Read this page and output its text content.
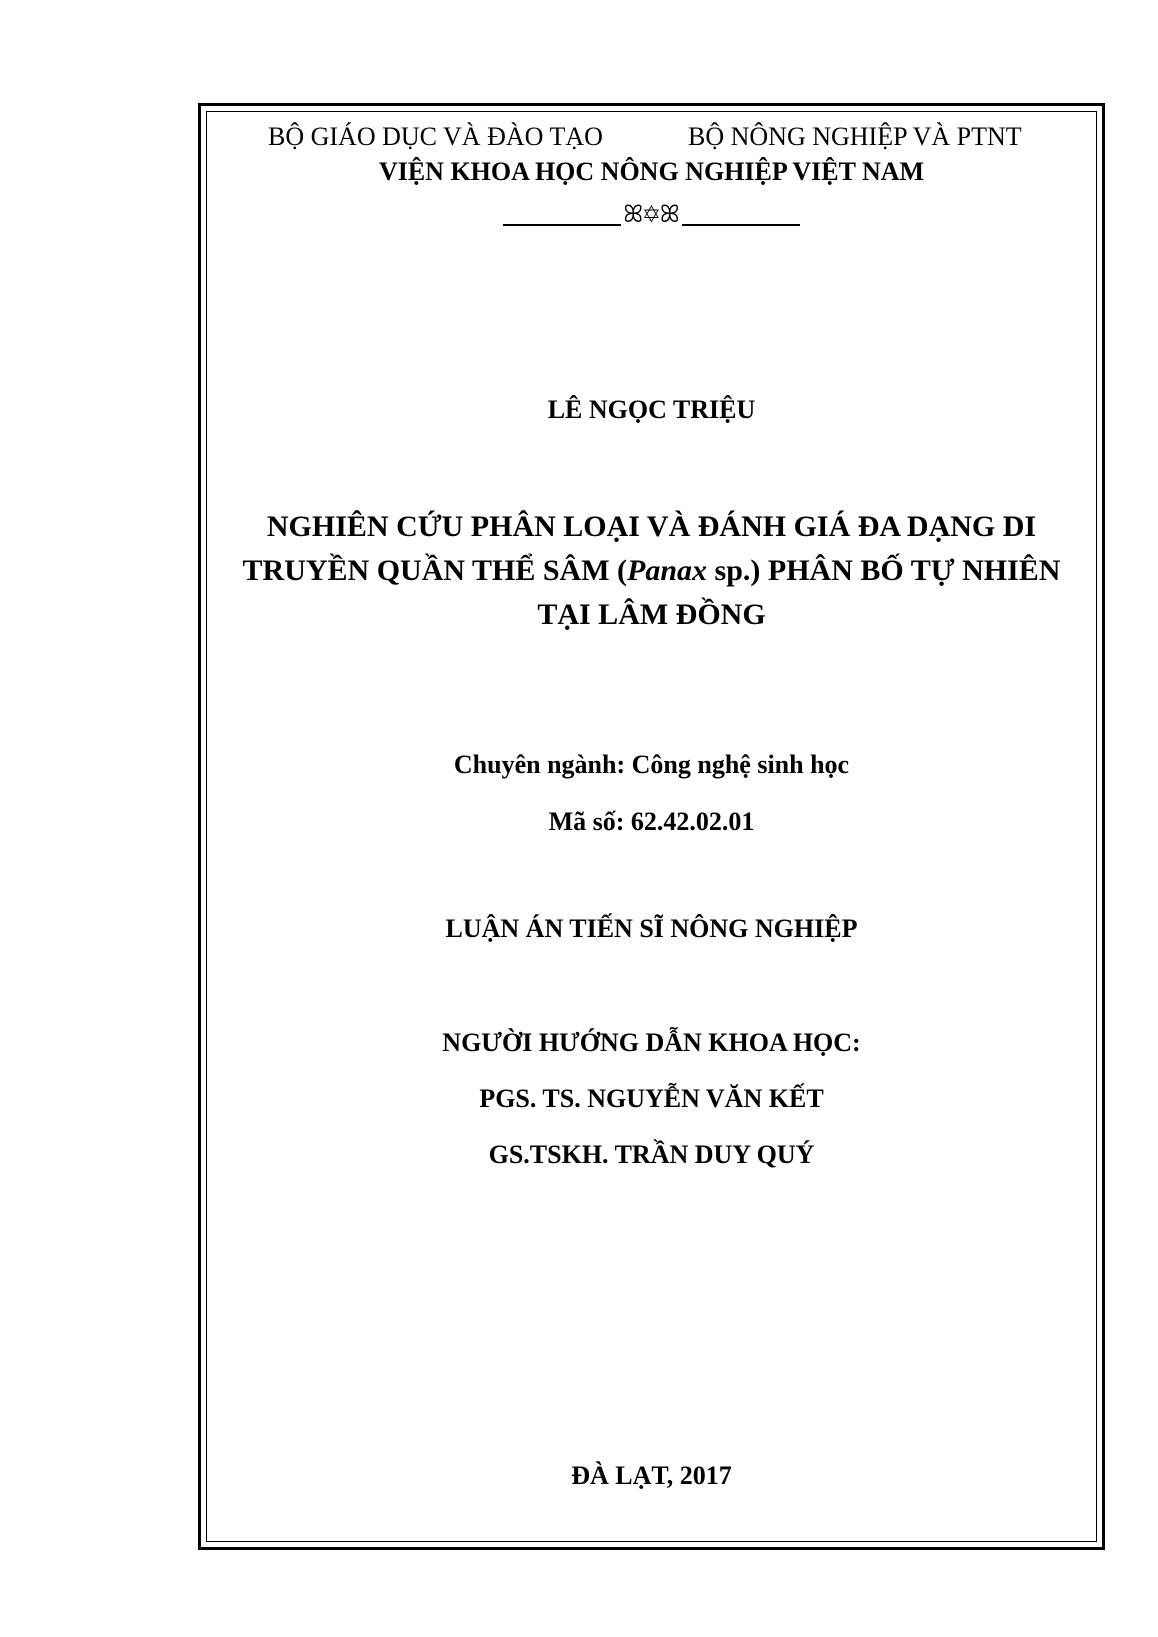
BỘ GIÁO DỤC VÀ ĐÀO TẠO	BỘ NÔNG NGHIỆP VÀ PTNT
VIỆN KHOA HỌC NÔNG NGHIỆP VIỆT NAM
ꕤ✡ꕤ
LÊ NGỌC TRIỆU
NGHIÊN CỨU PHÂN LOẠI VÀ ĐÁNH GIÁ ĐA DẠNG DI
TRUYỀN QUẦN THỂ SÂM (Panax sp.) PHÂN BỐ TỰ NHIÊN
TẠI LÂM ĐỒNG
Chuyên ngành: Công nghệ sinh học
Mã số: 62.42.02.01
LUẬN ÁN TIẾN SĨ NÔNG NGHIỆP
NGƯỜI HƯỚNG DẪN KHOA HỌC:
PGS. TS. NGUYỄN VĂN KẾT
GS.TSKH. TRẦN DUY QUÝ
ĐÀ LẠT, 2017
